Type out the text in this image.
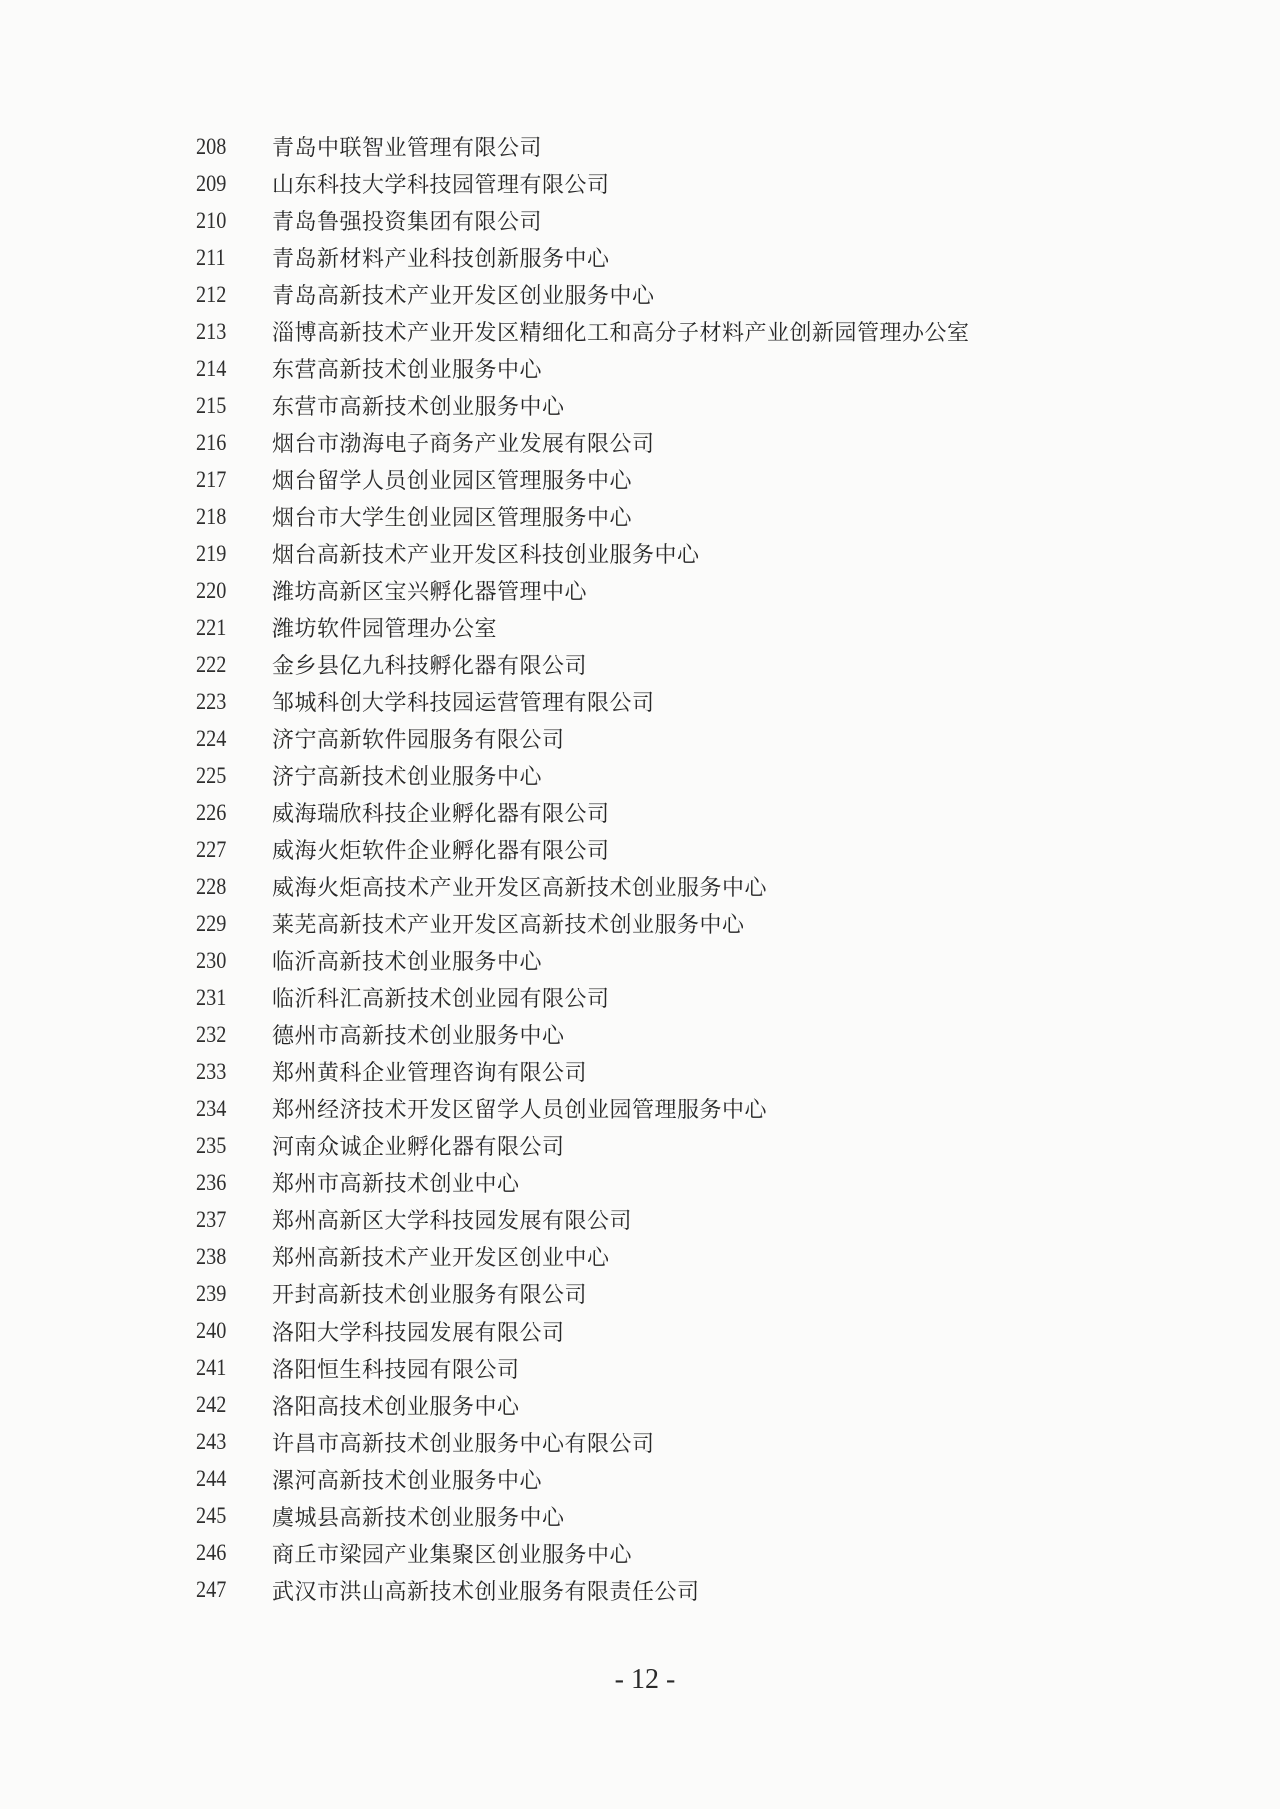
208	青岛中联智业管理有限公司
209	山东科技大学科技园管理有限公司
210	青岛鲁强投资集团有限公司
211	青岛新材料产业科技创新服务中心
212	青岛高新技术产业开发区创业服务中心
213	淄博高新技术产业开发区精细化工和高分子材料产业创新园管理办公室
214	东营高新技术创业服务中心
215	东营市高新技术创业服务中心
216	烟台市渤海电子商务产业发展有限公司
217	烟台留学人员创业园区管理服务中心
218	烟台市大学生创业园区管理服务中心
219	烟台高新技术产业开发区科技创业服务中心
220	潍坊高新区宝兴孵化器管理中心
221	潍坊软件园管理办公室
222	金乡县亿九科技孵化器有限公司
223	邹城科创大学科技园运营管理有限公司
224	济宁高新软件园服务有限公司
225	济宁高新技术创业服务中心
226	威海瑞欣科技企业孵化器有限公司
227	威海火炬软件企业孵化器有限公司
228	威海火炬高技术产业开发区高新技术创业服务中心
229	莱芜高新技术产业开发区高新技术创业服务中心
230	临沂高新技术创业服务中心
231	临沂科汇高新技术创业园有限公司
232	德州市高新技术创业服务中心
233	郑州黄科企业管理咨询有限公司
234	郑州经济技术开发区留学人员创业园管理服务中心
235	河南众诚企业孵化器有限公司
236	郑州市高新技术创业中心
237	郑州高新区大学科技园发展有限公司
238	郑州高新技术产业开发区创业中心
239	开封高新技术创业服务有限公司
240	洛阳大学科技园发展有限公司
241	洛阳恒生科技园有限公司
242	洛阳高技术创业服务中心
243	许昌市高新技术创业服务中心有限公司
244	漯河高新技术创业服务中心
245	虞城县高新技术创业服务中心
246	商丘市梁园产业集聚区创业服务中心
247	武汉市洪山高新技术创业服务有限责任公司
- 12 -
